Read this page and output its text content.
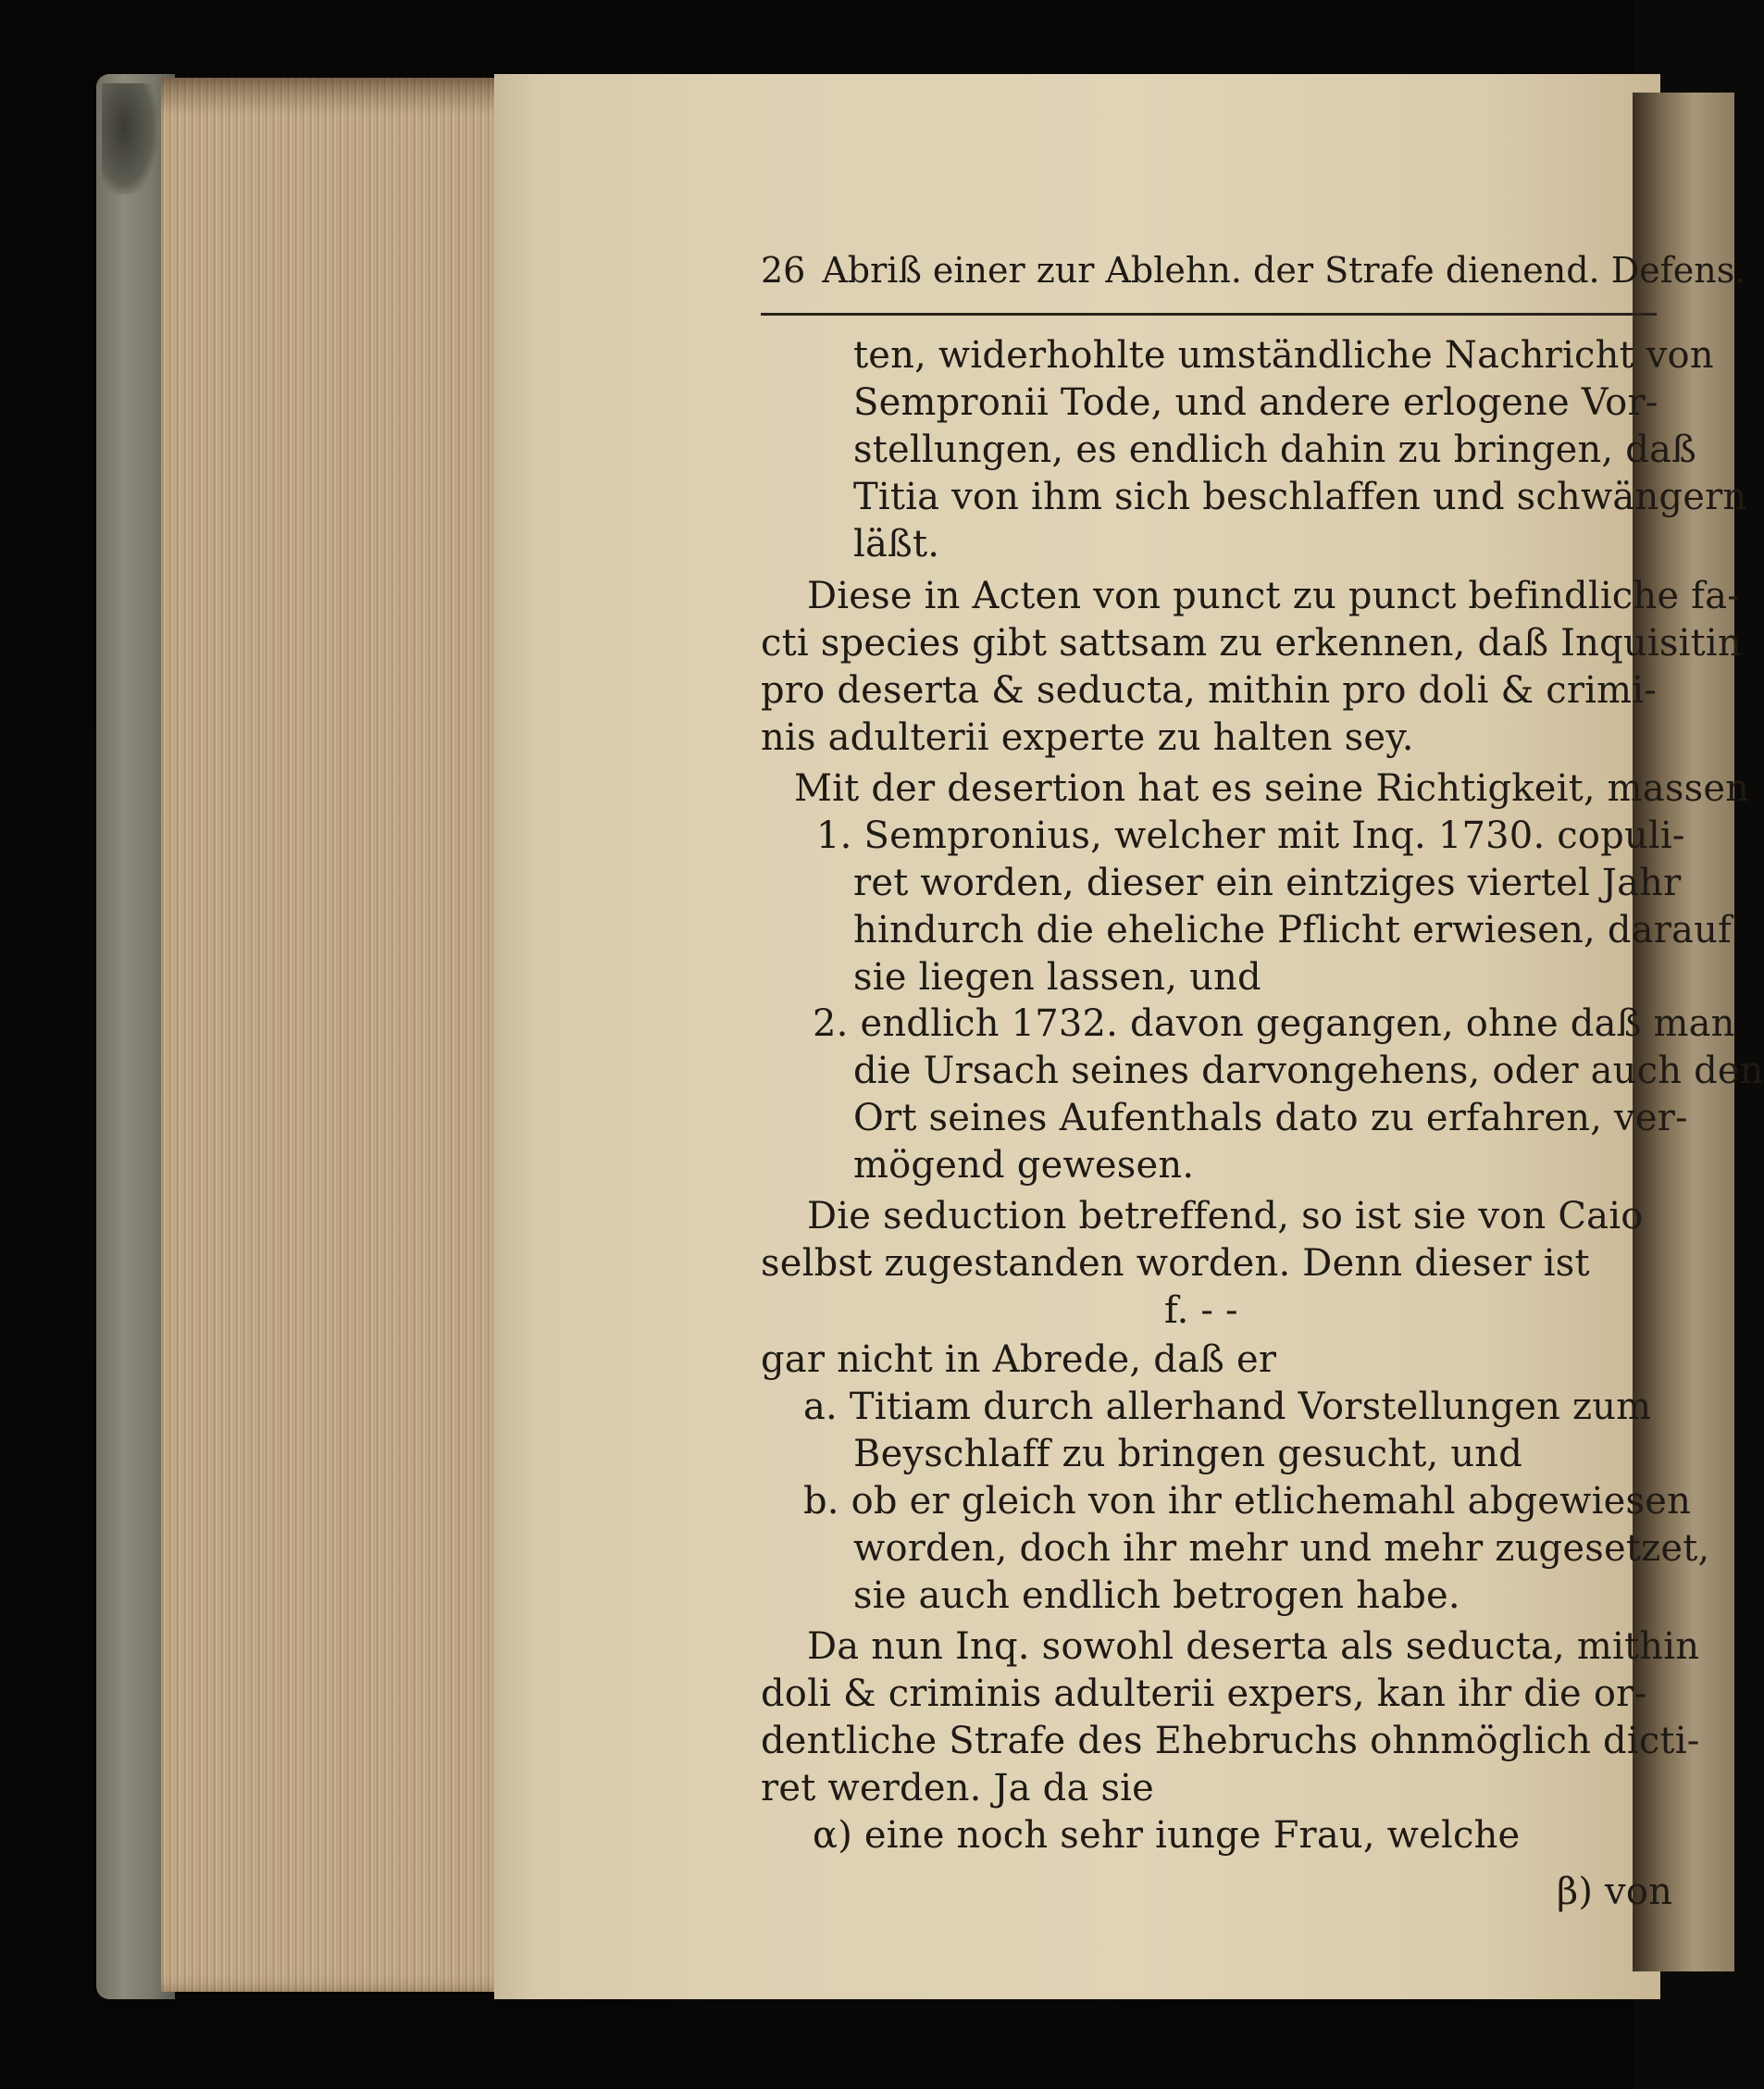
26 Abriß einer zur Ablehn. der Strafe dienend. Defens.
ten, widerhohlte umständliche Nachricht von
Sempronii Tode, und andere erlogene Vor-
stellungen, es endlich dahin zu bringen, daß
Titia von ihm sich beschlaffen und schwängern
läßt.
Diese in Acten von punct zu punct befindliche fa-
cti species gibt sattsam zu erkennen, daß Inquisitin
pro deserta & seducta, mithin pro doli & crimi-
nis adulterii experte zu halten sey.
Mit der desertion hat es seine Richtigkeit, massen
1. Sempronius, welcher mit Inq. 1730. copuli-
ret worden, dieser ein eintziges viertel Jahr
hindurch die eheliche Pflicht erwiesen, darauf
sie liegen lassen, und
2. endlich 1732. davon gegangen, ohne daß man
die Ursach seines darvongehens, oder auch den
Ort seines Aufenthals dato zu erfahren, ver-
mögend gewesen.
Die seduction betreffend, so ist sie von Caio
selbst zugestanden worden. Denn dieser ist
f. - -
gar nicht in Abrede, daß er
a. Titiam durch allerhand Vorstellungen zum
Beyschlaff zu bringen gesucht, und
b. ob er gleich von ihr etlichemahl abgewiesen
worden, doch ihr mehr und mehr zugesetzet,
sie auch endlich betrogen habe.
Da nun Inq. sowohl deserta als seducta, mithin
doli & criminis adulterii expers, kan ihr die or-
dentliche Strafe des Ehebruchs ohnmöglich dicti-
ret werden. Ja da sie
α) eine noch sehr iunge Frau, welche
β) von
